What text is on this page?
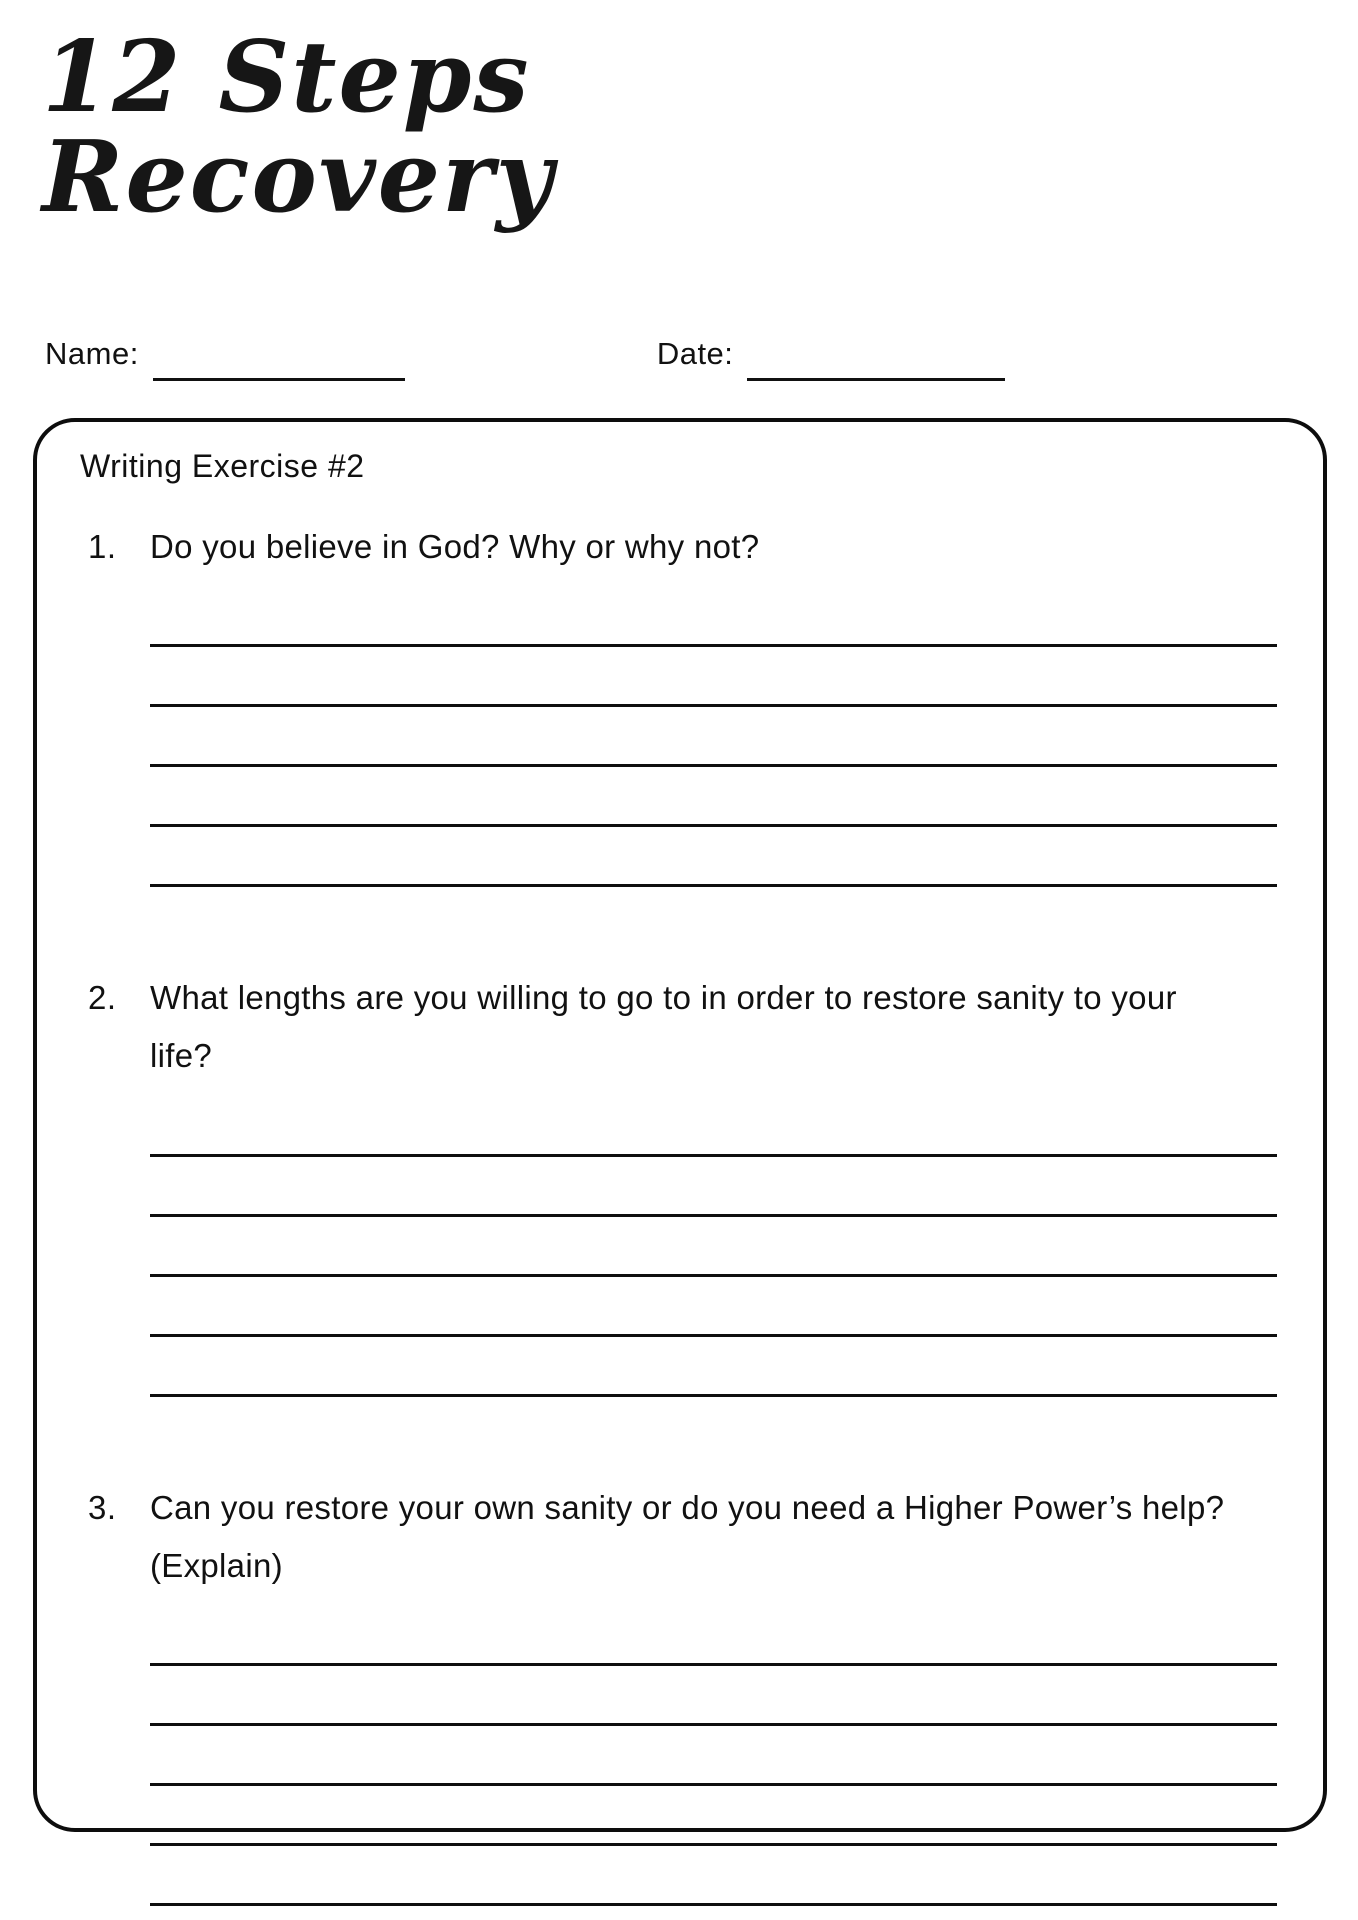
12 Steps
Recovery
Name:	Date:
Writing Exercise #2
1.	Do you believe in God? Why or why not?
2.	What lengths are you willing to go to in order to restore sanity to your life?
3.	Can you restore your own sanity or do you need a Higher Power’s help? (Explain)
